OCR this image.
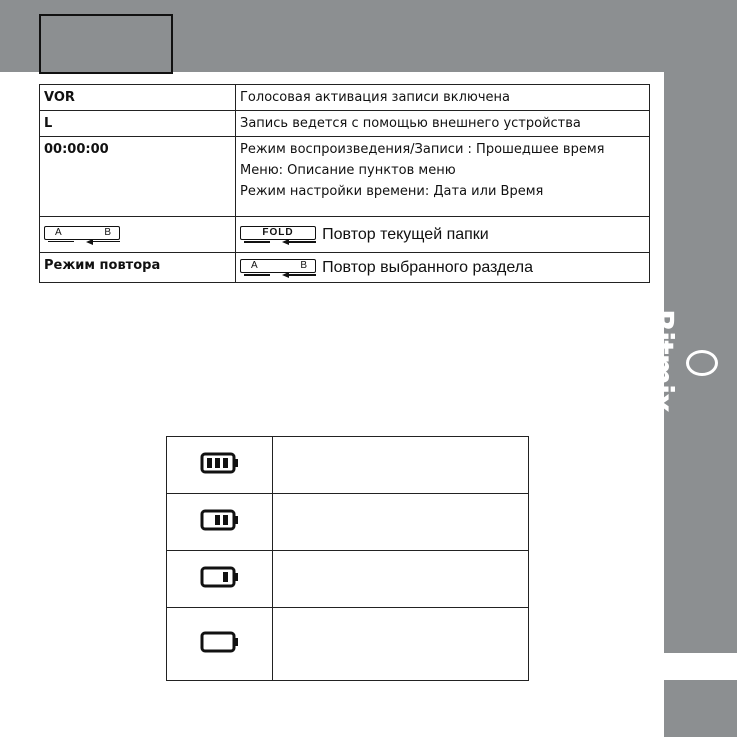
Ritmix
VOR	Голосовая активация записи включена
L	Запись ведется с помощью внешнего устройства
00:00:00	Режим воспроизведения/Записи : Прошедшее время
Меню: Описание пунктов меню
Режим настройки времени: Дата или Время

A B	FOLD Повтор текущей папки
Режим повтора	A B Повтор выбранного раздела
